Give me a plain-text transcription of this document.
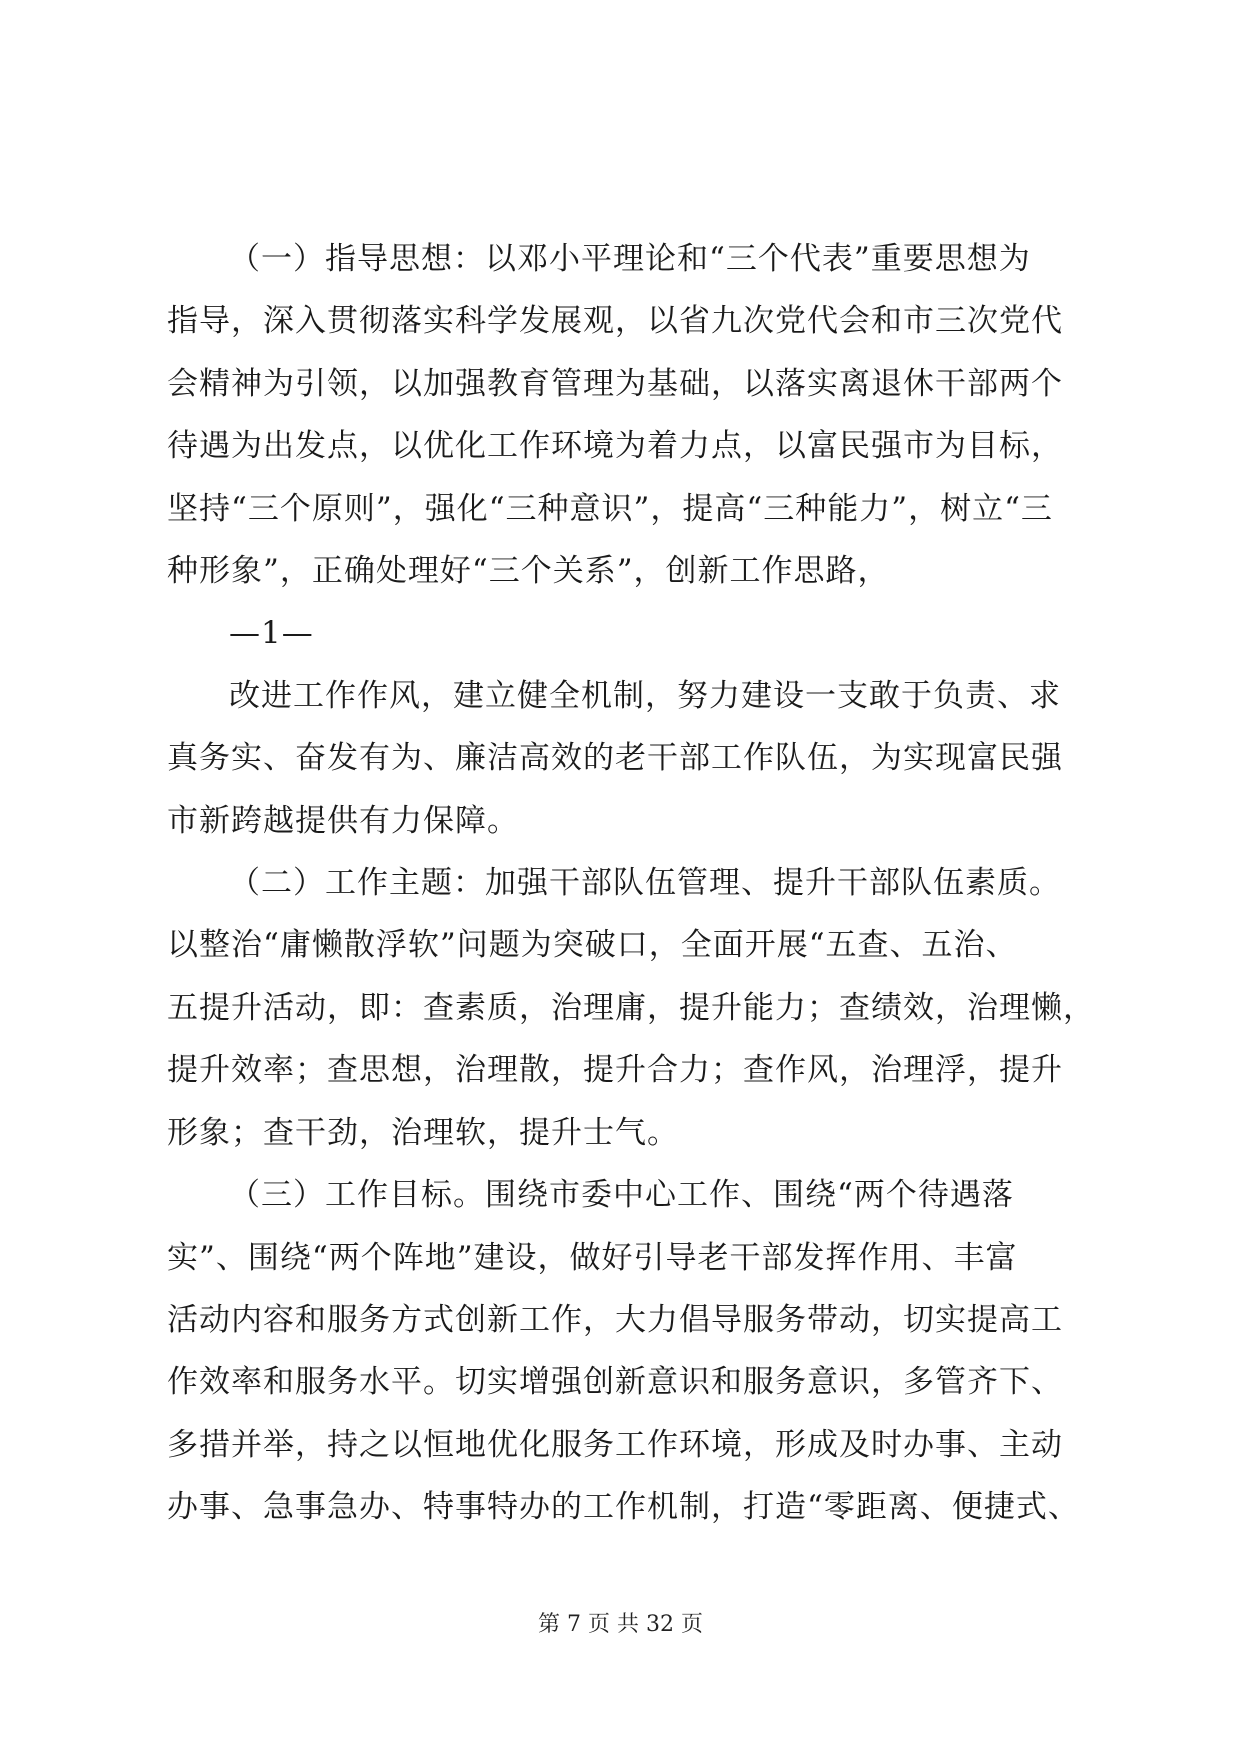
（一）指导思想：以邓小平理论和“三个代表”重要思想为
指导，深入贯彻落实科学发展观，以省九次党代会和市三次党代
会精神为引领，以加强教育管理为基础，以落实离退休干部两个
待遇为出发点，以优化工作环境为着力点，以富民强市为目标，
坚持“三个原则”，强化“三种意识”，提高“三种能力”，树立“三
种形象”，正确处理好“三个关系”，创新工作思路，

—1—

改进工作作风，建立健全机制，努力建设一支敢于负责、求
真务实、奋发有为、廉洁高效的老干部工作队伍，为实现富民强
市新跨越提供有力保障。

（二）工作主题：加强干部队伍管理、提升干部队伍素质。
以整治“庸懒散浮软”问题为突破口，全面开展“五查、五治、
五提升活动，即：查素质，治理庸，提升能力；查绩效，治理懒，
提升效率；查思想，治理散，提升合力；查作风，治理浮，提升
形象；查干劲，治理软，提升士气。

（三）工作目标。围绕市委中心工作、围绕“两个待遇落
实”、围绕“两个阵地”建设，做好引导老干部发挥作用、丰富
活动内容和服务方式创新工作，大力倡导服务带动，切实提高工
作效率和服务水平。切实增强创新意识和服务意识，多管齐下、
多措并举，持之以恒地优化服务工作环境，形成及时办事、主动
办事、急事急办、特事特办的工作机制，打造“零距离、便捷式、

第 7 页 共 32 页
